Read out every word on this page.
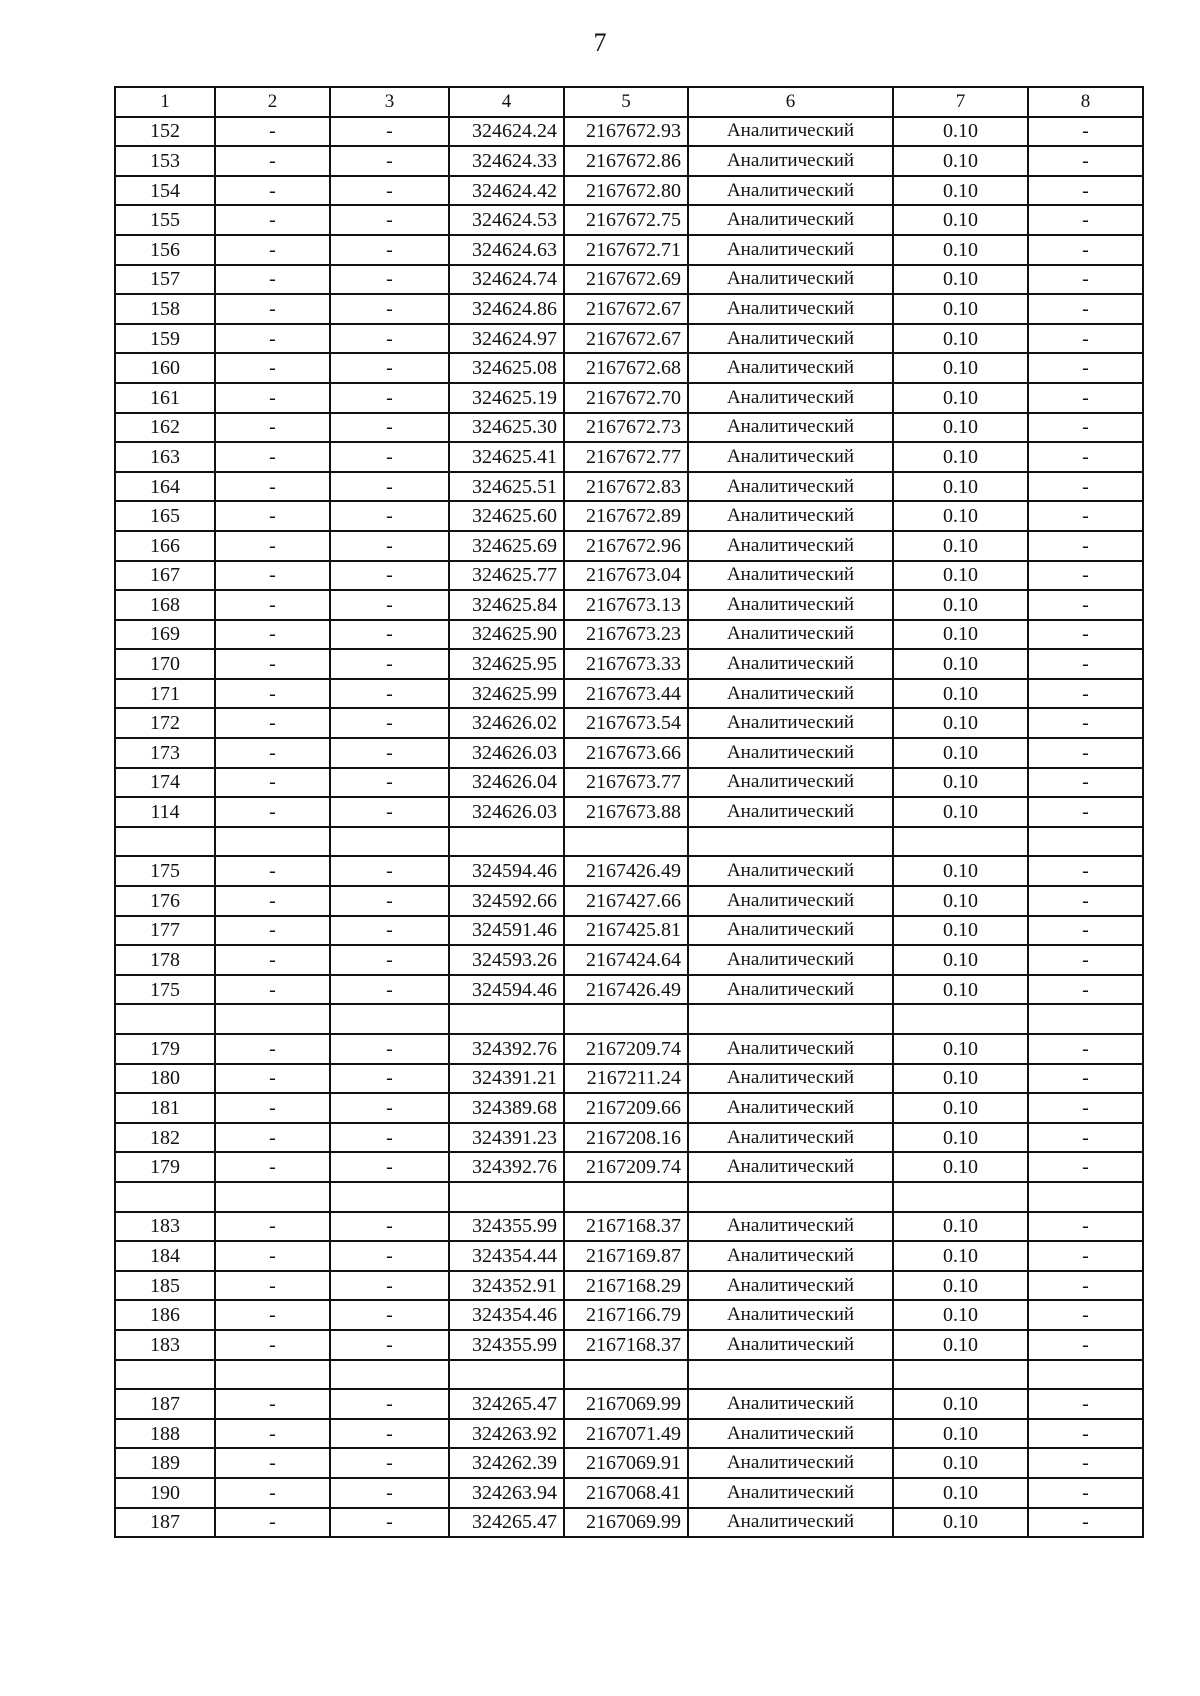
7
1	2	3	4	5	6	7	8
152	-	-	324624.24	2167672.93	Аналитический	0.10	-
153	-	-	324624.33	2167672.86	Аналитический	0.10	-
154	-	-	324624.42	2167672.80	Аналитический	0.10	-
155	-	-	324624.53	2167672.75	Аналитический	0.10	-
156	-	-	324624.63	2167672.71	Аналитический	0.10	-
157	-	-	324624.74	2167672.69	Аналитический	0.10	-
158	-	-	324624.86	2167672.67	Аналитический	0.10	-
159	-	-	324624.97	2167672.67	Аналитический	0.10	-
160	-	-	324625.08	2167672.68	Аналитический	0.10	-
161	-	-	324625.19	2167672.70	Аналитический	0.10	-
162	-	-	324625.30	2167672.73	Аналитический	0.10	-
163	-	-	324625.41	2167672.77	Аналитический	0.10	-
164	-	-	324625.51	2167672.83	Аналитический	0.10	-
165	-	-	324625.60	2167672.89	Аналитический	0.10	-
166	-	-	324625.69	2167672.96	Аналитический	0.10	-
167	-	-	324625.77	2167673.04	Аналитический	0.10	-
168	-	-	324625.84	2167673.13	Аналитический	0.10	-
169	-	-	324625.90	2167673.23	Аналитический	0.10	-
170	-	-	324625.95	2167673.33	Аналитический	0.10	-
171	-	-	324625.99	2167673.44	Аналитический	0.10	-
172	-	-	324626.02	2167673.54	Аналитический	0.10	-
173	-	-	324626.03	2167673.66	Аналитический	0.10	-
174	-	-	324626.04	2167673.77	Аналитический	0.10	-
114	-	-	324626.03	2167673.88	Аналитический	0.10	-

175	-	-	324594.46	2167426.49	Аналитический	0.10	-
176	-	-	324592.66	2167427.66	Аналитический	0.10	-
177	-	-	324591.46	2167425.81	Аналитический	0.10	-
178	-	-	324593.26	2167424.64	Аналитический	0.10	-
175	-	-	324594.46	2167426.49	Аналитический	0.10	-

179	-	-	324392.76	2167209.74	Аналитический	0.10	-
180	-	-	324391.21	2167211.24	Аналитический	0.10	-
181	-	-	324389.68	2167209.66	Аналитический	0.10	-
182	-	-	324391.23	2167208.16	Аналитический	0.10	-
179	-	-	324392.76	2167209.74	Аналитический	0.10	-

183	-	-	324355.99	2167168.37	Аналитический	0.10	-
184	-	-	324354.44	2167169.87	Аналитический	0.10	-
185	-	-	324352.91	2167168.29	Аналитический	0.10	-
186	-	-	324354.46	2167166.79	Аналитический	0.10	-
183	-	-	324355.99	2167168.37	Аналитический	0.10	-

187	-	-	324265.47	2167069.99	Аналитический	0.10	-
188	-	-	324263.92	2167071.49	Аналитический	0.10	-
189	-	-	324262.39	2167069.91	Аналитический	0.10	-
190	-	-	324263.94	2167068.41	Аналитический	0.10	-
187	-	-	324265.47	2167069.99	Аналитический	0.10	-
